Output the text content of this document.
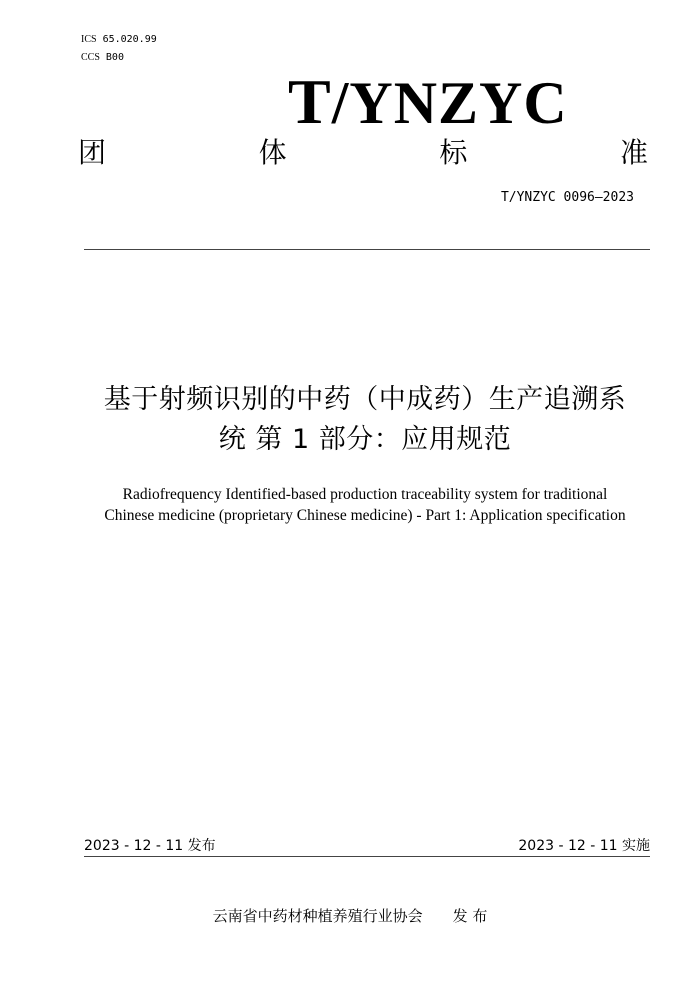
ICS 65.020.99
CCS B00
T/YNZYC
团	体	标	准
T/YNZYC 0096—2023
基于射频识别的中药（中成药）生产追溯系
统 第 1 部分：应用规范
Radiofrequency Identified-based production traceability system for traditional
Chinese medicine (proprietary Chinese medicine) - Part 1: Application specification
2023 - 12 - 11 发布	2023 - 12 - 11 实施
云南省中药材种植养殖行业协会 发 布
